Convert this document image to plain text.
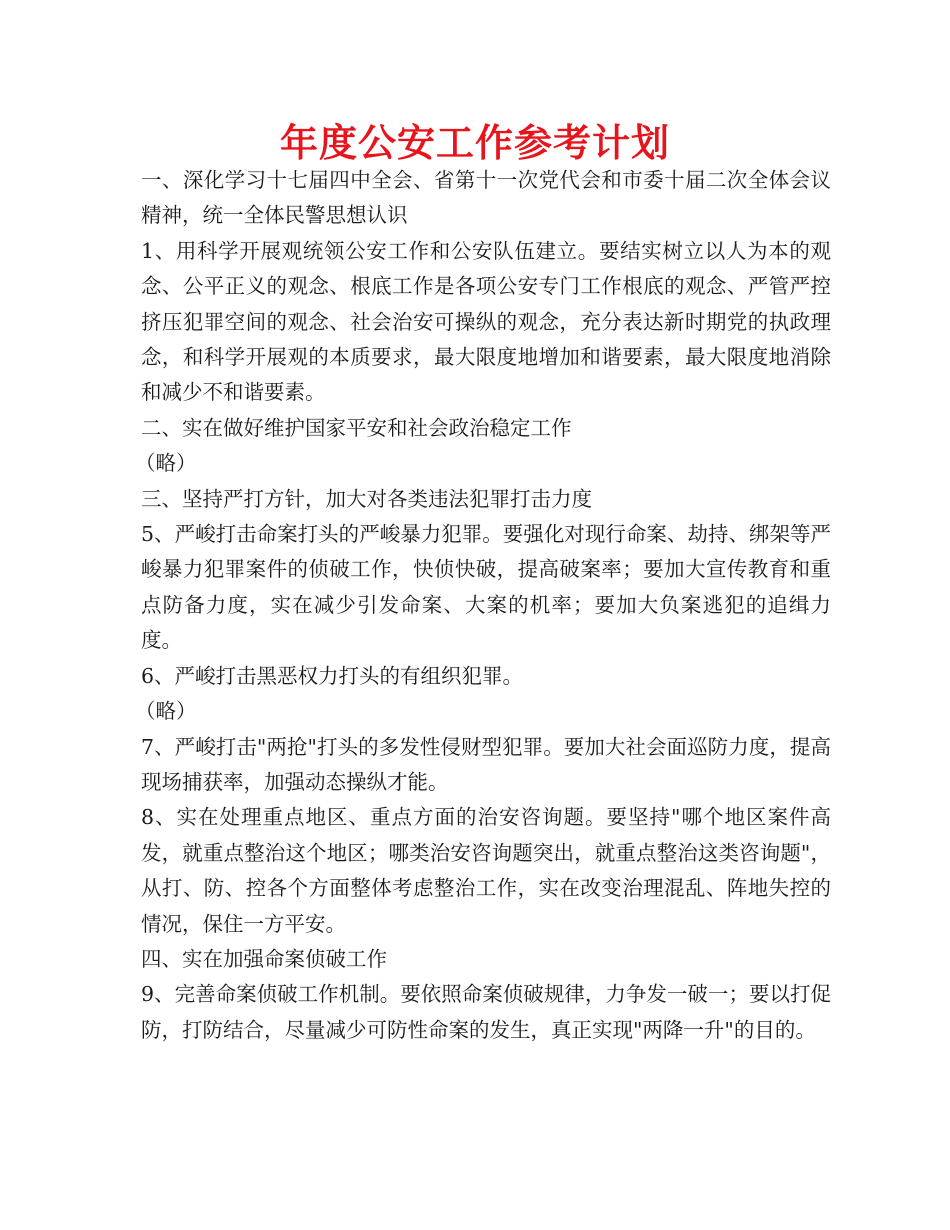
年度公安工作参考计划

一、深化学习十七届四中全会、省第十一次党代会和市委十届二次全体会议精神，统一全体民警思想认识

1、用科学开展观统领公安工作和公安队伍建立。要结实树立以人为本的观念、公平正义的观念、根底工作是各项公安专门工作根底的观念、严管严控挤压犯罪空间的观念、社会治安可操纵的观念，充分表达新时期党的执政理念，和科学开展观的本质要求，最大限度地增加和谐要素，最大限度地消除和减少不和谐要素。

二、实在做好维护国家平安和社会政治稳定工作

（略）

三、坚持严打方针，加大对各类违法犯罪打击力度

5、严峻打击命案打头的严峻暴力犯罪。要强化对现行命案、劫持、绑架等严峻暴力犯罪案件的侦破工作，快侦快破，提高破案率；要加大宣传教育和重点防备力度，实在减少引发命案、大案的机率；要加大负案逃犯的追缉力度。

6、严峻打击黑恶权力打头的有组织犯罪。

（略）

7、严峻打击"两抢"打头的多发性侵财型犯罪。要加大社会面巡防力度，提高现场捕获率，加强动态操纵才能。

8、实在处理重点地区、重点方面的治安咨询题。要坚持"哪个地区案件高发，就重点整治这个地区；哪类治安咨询题突出，就重点整治这类咨询题"，从打、防、控各个方面整体考虑整治工作，实在改变治理混乱、阵地失控的情况，保住一方平安。

四、实在加强命案侦破工作

9、完善命案侦破工作机制。要依照命案侦破规律，力争发一破一；要以打促防，打防结合，尽量减少可防性命案的发生，真正实现"两降一升"的目的。
